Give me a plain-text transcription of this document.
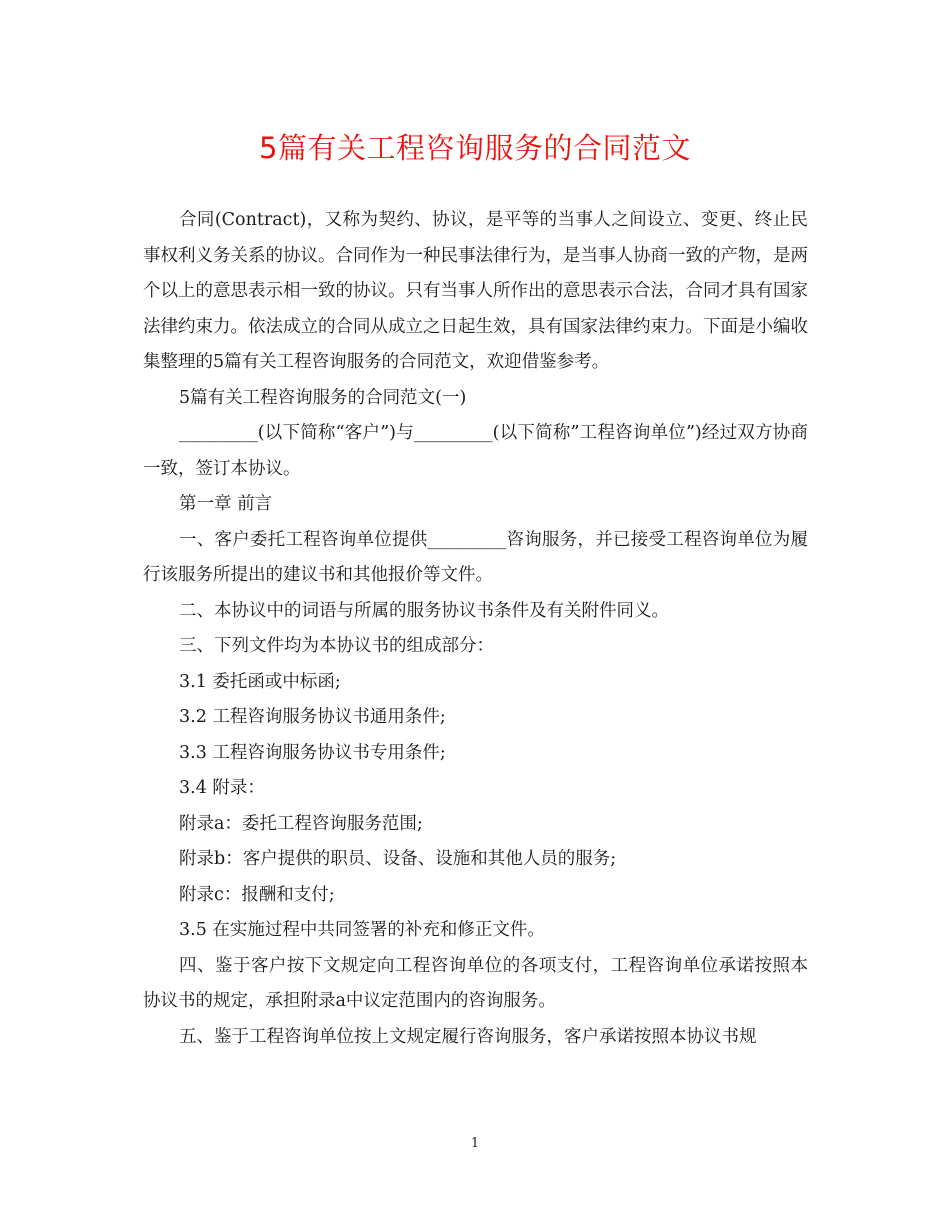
5篇有关工程咨询服务的合同范文

合同(Contract)，又称为契约、协议，是平等的当事人之间设立、变更、终止民事权利义务关系的协议。合同作为一种民事法律行为，是当事人协商一致的产物，是两个以上的意思表示相一致的协议。只有当事人所作出的意思表示合法，合同才具有国家法律约束力。依法成立的合同从成立之日起生效，具有国家法律约束力。下面是小编收集整理的5篇有关工程咨询服务的合同范文，欢迎借鉴参考。

5篇有关工程咨询服务的合同范文(一)

_________(以下简称“客户”)与_________(以下简称”工程咨询单位”)经过双方协商一致，签订本协议。

第一章 前言

一、客户委托工程咨询单位提供_________咨询服务，并已接受工程咨询单位为履行该服务所提出的建议书和其他报价等文件。

二、本协议中的词语与所属的服务协议书条件及有关附件同义。

三、下列文件均为本协议书的组成部分：

3.1 委托函或中标函;

3.2 工程咨询服务协议书通用条件;

3.3 工程咨询服务协议书专用条件;

3.4 附录：

附录a：委托工程咨询服务范围;

附录b：客户提供的职员、设备、设施和其他人员的服务;

附录c：报酬和支付;

3.5 在实施过程中共同签署的补充和修正文件。

四、鉴于客户按下文规定向工程咨询单位的各项支付，工程咨询单位承诺按照本协议书的规定，承担附录a中议定范围内的咨询服务。

五、鉴于工程咨询单位按上文规定履行咨询服务，客户承诺按照本协议书规

1
